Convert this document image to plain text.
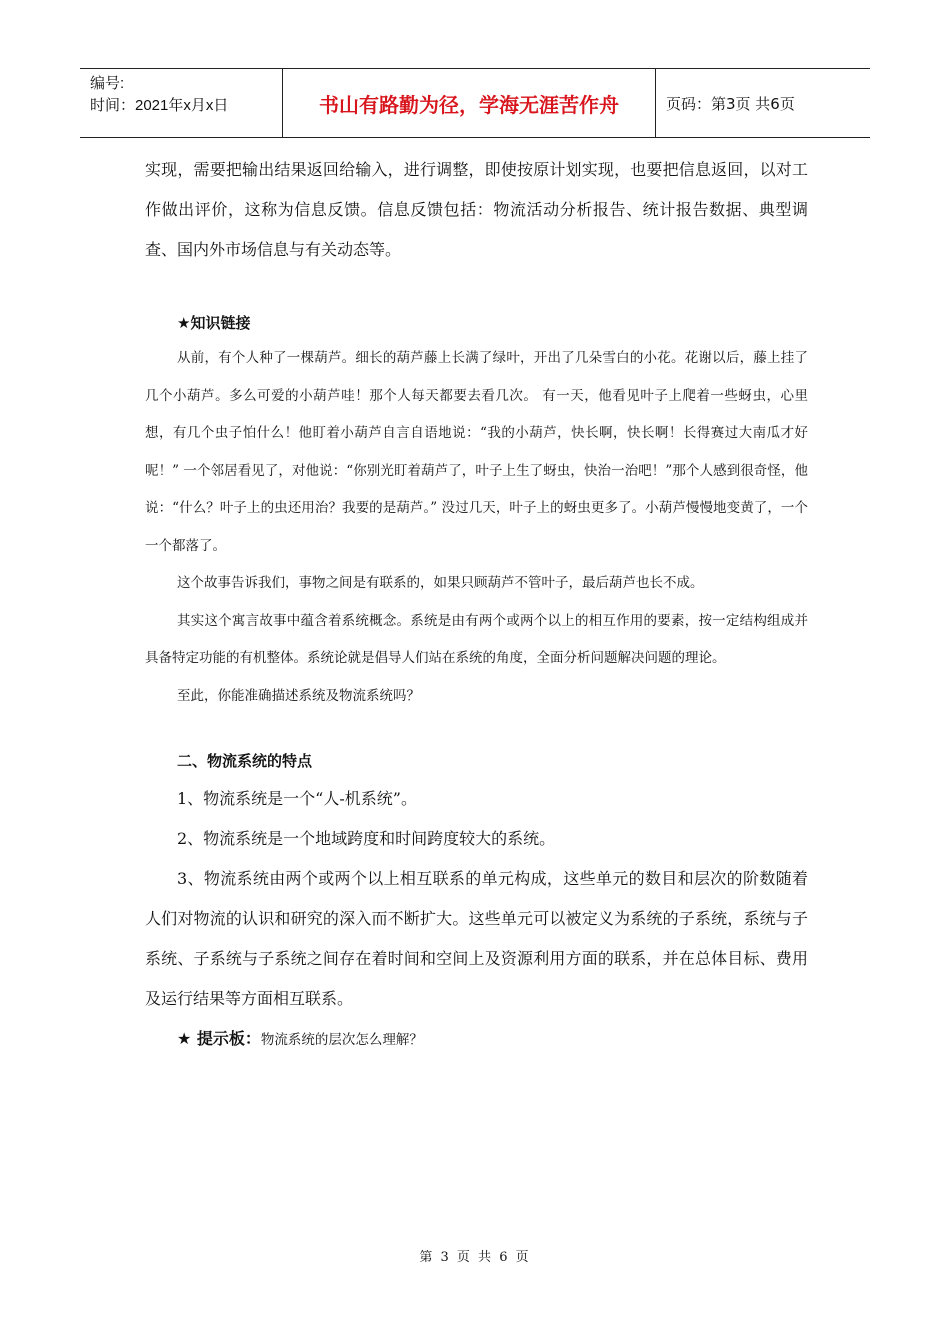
编号:
时间：2021年x月x日	书山有路勤为径，学海无涯苦作舟	页码：第3页 共6页

实现，需要把输出结果返回给输入，进行调整，即使按原计划实现，也要把信息返回，以对工作做出评价，这称为信息反馈。信息反馈包括：物流活动分析报告、统计报告数据、典型调查、国内外市场信息与有关动态等。

★知识链接

从前，有个人种了一棵葫芦。细长的葫芦藤上长满了绿叶，开出了几朵雪白的小花。花谢以后，藤上挂了几个小葫芦。多么可爱的小葫芦哇！那个人每天都要去看几次。 有一天，他看见叶子上爬着一些蚜虫，心里想，有几个虫子怕什么！他盯着小葫芦自言自语地说：“我的小葫芦，快长啊，快长啊！长得赛过大南瓜才好呢！” 一个邻居看见了，对他说：“你别光盯着葫芦了，叶子上生了蚜虫，快治一治吧！”那个人感到很奇怪，他说：“什么？叶子上的虫还用治？我要的是葫芦。” 没过几天，叶子上的蚜虫更多了。小葫芦慢慢地变黄了，一个一个都落了。

这个故事告诉我们，事物之间是有联系的，如果只顾葫芦不管叶子，最后葫芦也长不成。

其实这个寓言故事中蕴含着系统概念。系统是由有两个或两个以上的相互作用的要素，按一定结构组成并具备特定功能的有机整体。系统论就是倡导人们站在系统的角度，全面分析问题解决问题的理论。

至此，你能准确描述系统及物流系统吗？

二、物流系统的特点

1、物流系统是一个“人-机系统”。

2、物流系统是一个地域跨度和时间跨度较大的系统。

3、物流系统由两个或两个以上相互联系的单元构成，这些单元的数目和层次的阶数随着人们对物流的认识和研究的深入而不断扩大。这些单元可以被定义为系统的子系统，系统与子系统、子系统与子系统之间存在着时间和空间上及资源利用方面的联系，并在总体目标、费用及运行结果等方面相互联系。

★ 提示板：物流系统的层次怎么理解？

第 3 页 共 6 页
